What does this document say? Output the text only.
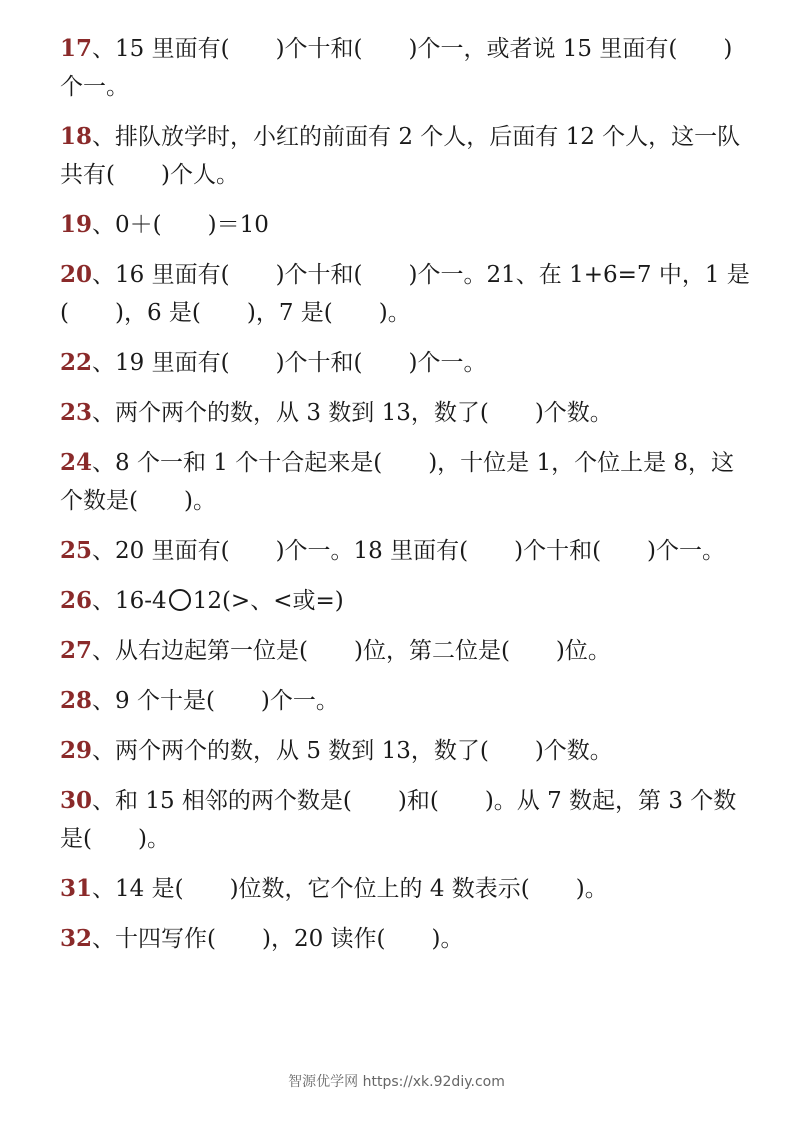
17、15 里面有(　　)个十和(　　)个一，或者说 15 里面有(　　)个一。

18、排队放学时，小红的前面有 2 个人，后面有 12 个人，这一队共有(　　)个人。

19、0＋(　　)＝10

20、16 里面有(　　)个十和(　　)个一。21、在 1+6=7 中，1 是(　　)，6 是(　　)，7 是(　　)。

22、19 里面有(　　)个十和(　　)个一。

23、两个两个的数，从 3 数到 13，数了(　　)个数。

24、8 个一和 1 个十合起来是(　　)，十位是 1，个位上是 8，这个数是(　　)。

25、20 里面有(　　)个一。18 里面有(　　)个十和(　　)个一。

26、16-4 12(>、<或=)

27、从右边起第一位是(　　)位，第二位是(　　)位。

28、9 个十是(　　)个一。

29、两个两个的数，从 5 数到 13，数了(　　)个数。

30、和 15 相邻的两个数是(　　)和(　　)。从 7 数起，第 3 个数是(　　)。

31、14 是(　　)位数，它个位上的 4 数表示(　　)。

32、十四写作(　　)，20 读作(　　)。

智源优学网 https://xk.92diy.com
